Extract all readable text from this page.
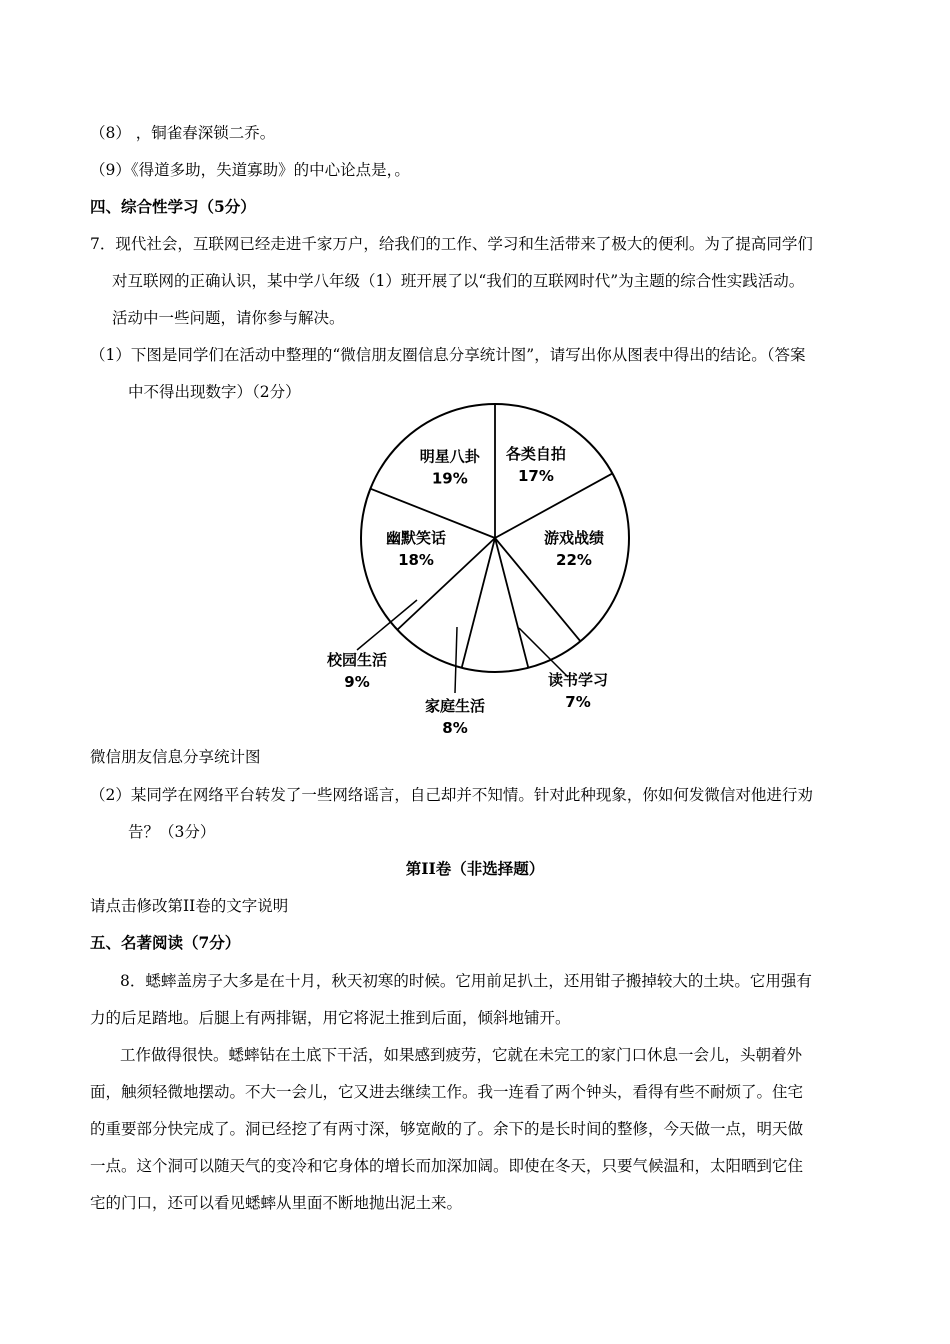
（8） ，铜雀春深锁二乔。
（9）《得道多助，失道寡助》的中心论点是，。
四、综合性学习（5分）
7．现代社会，互联网已经走进千家万户，给我们的工作、学习和生活带来了极大的便利。为了提高同学们
对互联网的正确认识，某中学八年级（1）班开展了以“我们的互联网时代”为主题的综合性实践活动。
活动中一些问题，请你参与解决。
（1）下图是同学们在活动中整理的“微信朋友圈信息分享统计图”，请写出你从图表中得出的结论。（答案
中不得出现数字）（2分）
各类自拍
17%
游戏战绩
22%
读书学习
7%
家庭生活
8%
校园生活
9%
幽默笑话
18%
明星八卦
19%
微信朋友信息分享统计图
（2）某同学在网络平台转发了一些网络谣言，自己却并不知情。针对此种现象，你如何发微信对他进行劝
告？（3分）
第II卷（非选择题）
请点击修改第II卷的文字说明
五、名著阅读（7分）
8．蟋蟀盖房子大多是在十月，秋天初寒的时候。它用前足扒土，还用钳子搬掉较大的土块。它用强有
力的后足踏地。后腿上有两排锯，用它将泥土推到后面，倾斜地铺开。
工作做得很快。蟋蟀钻在土底下干活，如果感到疲劳，它就在未完工的家门口休息一会儿，头朝着外
面，触须轻微地摆动。不大一会儿，它又进去继续工作。我一连看了两个钟头，看得有些不耐烦了。住宅
的重要部分快完成了。洞已经挖了有两寸深，够宽敞的了。余下的是长时间的整修，今天做一点，明天做
一点。这个洞可以随天气的变冷和它身体的增长而加深加阔。即使在冬天，只要气候温和，太阳晒到它住
宅的门口，还可以看见蟋蟀从里面不断地抛出泥土来。
